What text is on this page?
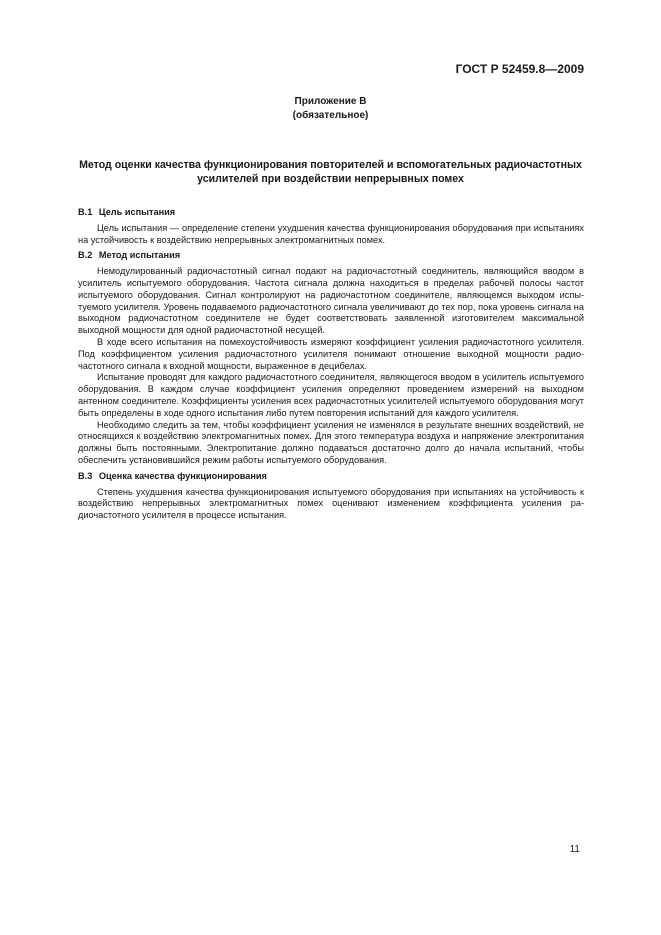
ГОСТ Р 52459.8—2009
Приложение В
(обязательное)
Метод оценки качества функционирования повторителей и вспомогательных радиочастотных усилителей при воздействии непрерывных помех
В.1 Цель испытания

Цель испытания — определение степени ухудшения качества функционирования оборудования при испытаниях на устойчивость к воздействию непрерывных электромагнитных помех.

В.2 Метод испытания

Немодулированный радиочастотный сигнал подают на радиочастотный соединитель, являющийся вводом в усилитель испытуемого оборудования. Частота сигнала должна находиться в пределах рабочей полосы частот испытуемого оборудования. Сигнал контролируют на радиочастотном соединителе, являющемся выходом испытуемого усилителя. Уровень подаваемого радиочастотного сигнала увеличивают до тех пор, пока уровень сигнала на выходном радиочастотном соединителе не будет соответствовать заявленной изготовителем максимальной выходной мощности для одной радиочастотной несущей.

В ходе всего испытания на помехоустойчивость измеряют коэффициент усиления радиочастотного усилителя. Под коэффициентом усиления радиочастотного усилителя понимают отношение выходной мощности радиочастотного сигнала к входной мощности, выраженное в децибелах.

Испытание проводят для каждого радиочастотного соединителя, являющегося вводом в усилитель испытуемого оборудования. В каждом случае коэффициент усиления определяют проведением измерений на выходном антенном соединителе. Коэффициенты усиления всех радиочастотных усилителей испытуемого оборудования могут быть определены в ходе одного испытания либо путем повторения испытаний для каждого усилителя.

Необходимо следить за тем, чтобы коэффициент усиления не изменялся в результате внешних воздействий, не относящихся к воздействию электромагнитных помех. Для этого температура воздуха и напряжение электропитания должны быть постоянными. Электропитание должно подаваться достаточно долго до начала испытаний, чтобы обеспечить установившийся режим работы испытуемого оборудования.

В.3 Оценка качества функционирования

Степень ухудшения качества функционирования испытуемого оборудования при испытаниях на устойчивость к воздействию непрерывных электромагнитных помех оценивают изменением коэффициента усиления радиочастотного усилителя в процессе испытания.

11
